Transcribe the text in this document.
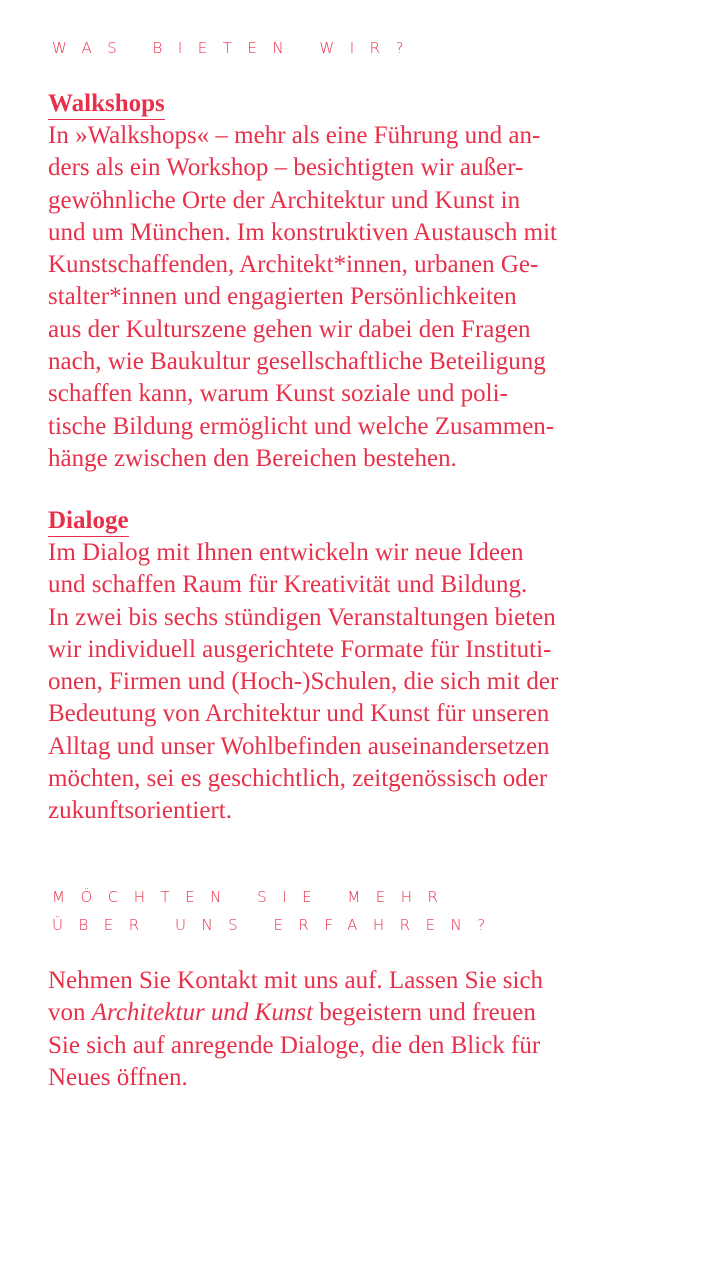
WAS BIETEN WIR?
Walkshops

In »Walkshops« – mehr als eine Führung und an-
ders als ein Workshop – besichtigten wir außer-
gewöhnliche Orte der Architektur und Kunst in
und um München. Im konstruktiven Austausch mit
Kunstschaffenden, Architekt*innen, urbanen Ge-
stalter*innen und engagierten Persönlichkeiten
aus der Kulturszene gehen wir dabei den Fragen
nach, wie Baukultur gesellschaftliche Beteiligung
schaffen kann, warum Kunst soziale und poli-
tische Bildung ermöglicht und welche Zusammen-
hänge zwischen den Bereichen bestehen.

Dialoge

Im Dialog mit Ihnen entwickeln wir neue Ideen
und schaffen Raum für Kreativität und Bildung.
In zwei bis sechs stündigen Veranstaltungen bieten
wir individuell ausgerichtete Formate für Instituti-
onen, Firmen und (Hoch-)Schulen, die sich mit der
Bedeutung von Architektur und Kunst für unseren
Alltag und unser Wohlbefinden auseinandersetzen
möchten, sei es geschichtlich, zeitgenössisch oder
zukunftsorientiert.

MÖCHTEN SIE MEHR
ÜBER UNS ERFAHREN?

Nehmen Sie Kontakt mit uns auf. Lassen Sie sich
von Architektur und Kunst begeistern und freuen
Sie sich auf anregende Dialoge, die den Blick für
Neues öffnen.
